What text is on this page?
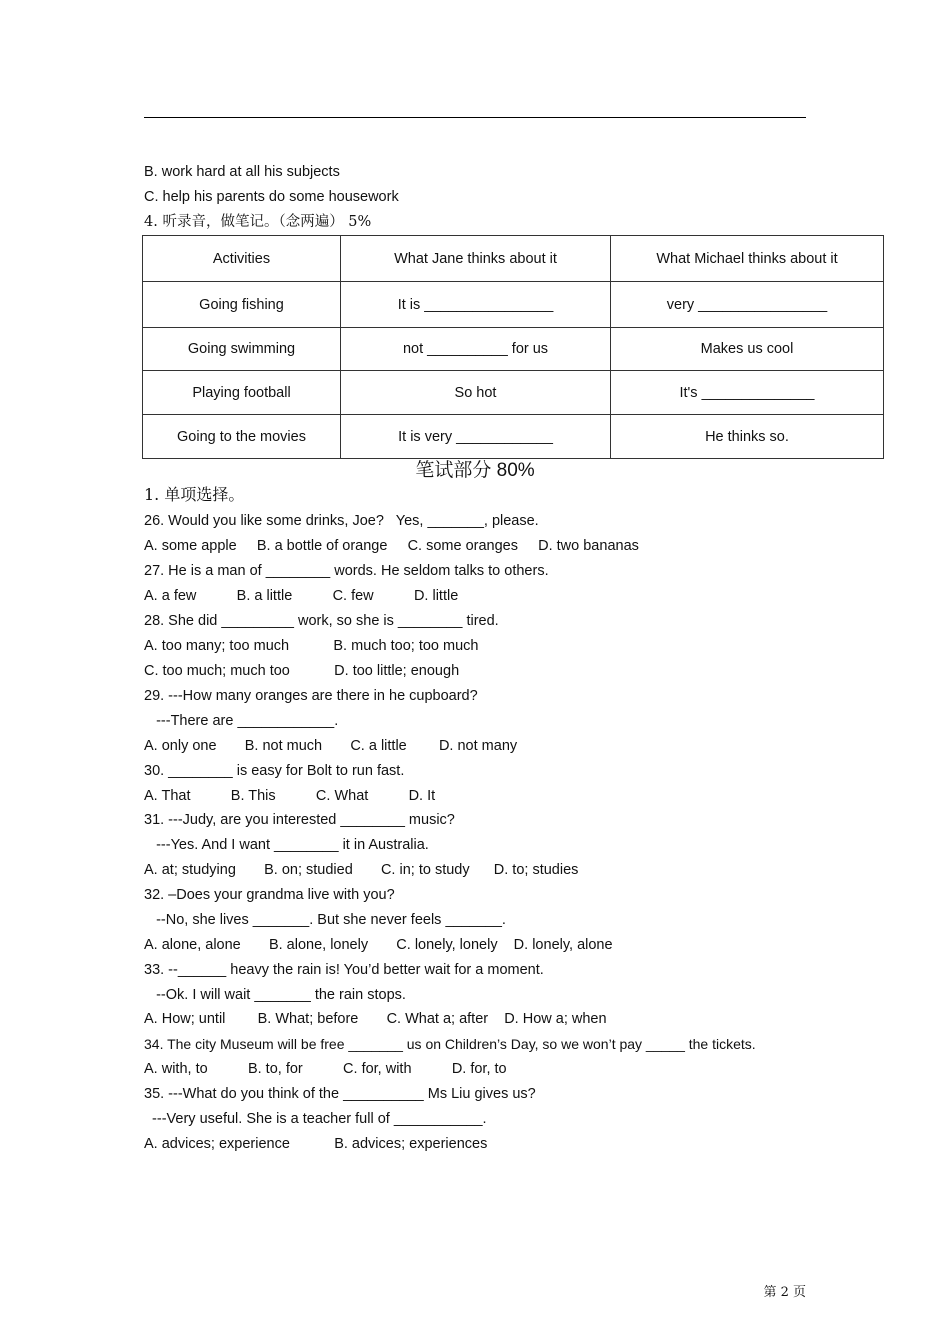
B. work hard at all his subjects
C. help his parents do some housework
4. 听录音，做笔记。（念两遍） 5%
Activities	What Jane thinks about it	What Michael thinks about it
Going fishing	It is ________________	very ________________
Going swimming	not __________ for us	Makes us cool
Playing football	So hot	It's ______________
Going to the movies	It is very ____________	He thinks so.
笔试部分 80%
1. 单项选择。
26. Would you like some drinks, Joe?   Yes, _______, please.
A. some apple     B. a bottle of orange     C. some oranges     D. two bananas
27. He is a man of ________ words. He seldom talks to others.
A. a few          B. a little          C. few          D. little
28. She did _________ work, so she is ________ tired.
A. too many; too much           B. much too; too much
C. too much; much too           D. too little; enough
29. ---How many oranges are there in he cupboard?
---There are ____________.
A. only one       B. not much       C. a little        D. not many
30. ________ is easy for Bolt to run fast.
A. That          B. This          C. What          D. It
31. ---Judy, are you interested ________ music?
---Yes. And I want ________ it in Australia.
A. at; studying       B. on; studied       C. in; to study      D. to; studies
32. –Does your grandma live with you?
--No, she lives _______. But she never feels _______.
A. alone, alone       B. alone, lonely       C. lonely, lonely    D. lonely, alone
33. --______ heavy the rain is! You’d better wait for a moment.
--Ok. I will wait _______ the rain stops.
A. How; until        B. What; before       C. What a; after    D. How a; when
34. The city Museum will be free _______ us on Children’s Day, so we won’t pay _____ the tickets.
A. with, to          B. to, for          C. for, with          D. for, to
35. ---What do you think of the __________ Ms Liu gives us?
---Very useful. She is a teacher full of ___________.
A. advices; experience           B. advices; experiences
第 2 页
